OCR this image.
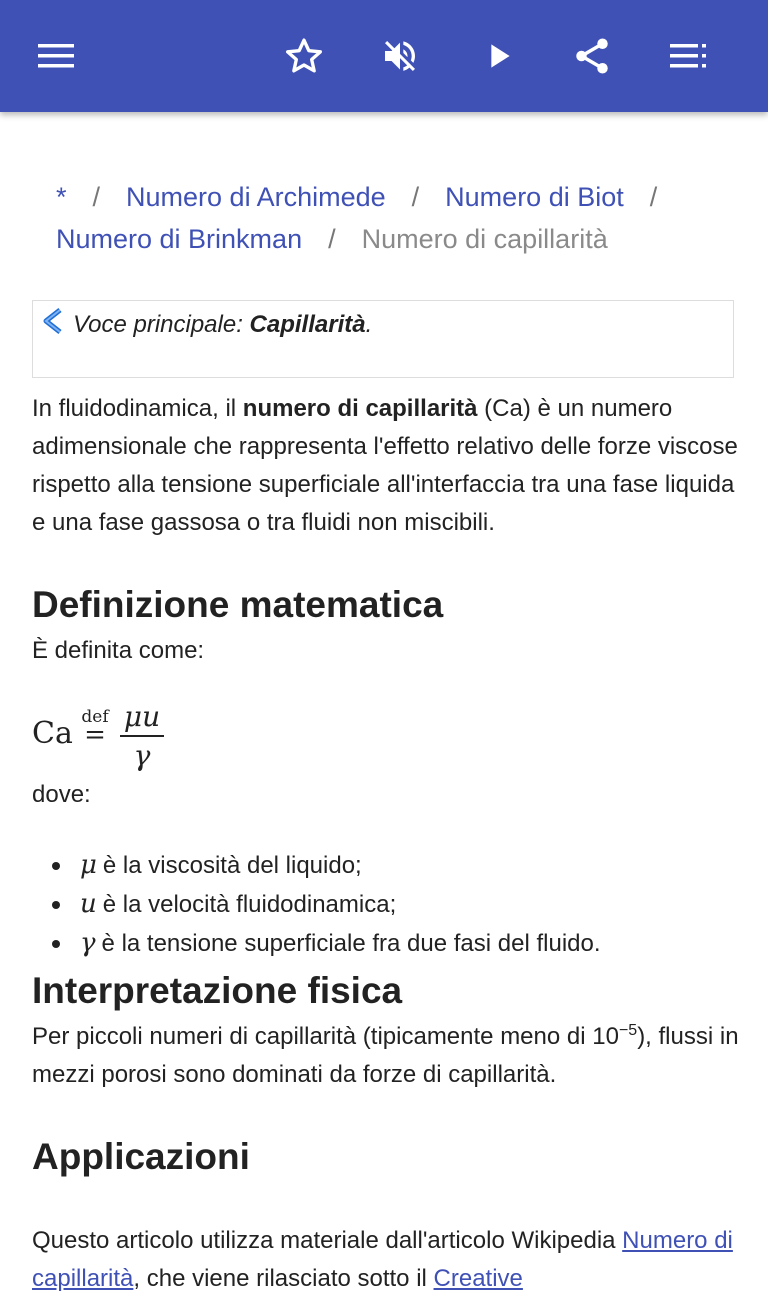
* / Numero di Archimede / Numero di Biot /
Numero di Brinkman / Numero di capillarità
Voce principale: Capillarità.
In fluidodinamica, il numero di capillarità (Ca) è un numero adimensionale che rappresenta l'effetto relativo delle forze viscose rispetto alla tensione superficiale all'interfaccia tra una fase liquida e una fase gassosa o tra fluidi non miscibili.
Definizione matematica
È definita come:
Ca def
=
μu
γ
dove:
μ è la viscosità del liquido;
u è la velocità fluidodinamica;
γ è la tensione superficiale fra due fasi del fluido.
Interpretazione fisica
Per piccoli numeri di capillarità (tipicamente meno di $10^{-5}$), flussi in mezzi porosi sono dominati da forze di capillarità.
Applicazioni
Questo articolo utilizza materiale dall'articolo Wikipedia Numero di capillarità, che viene rilasciato sotto il Creative
